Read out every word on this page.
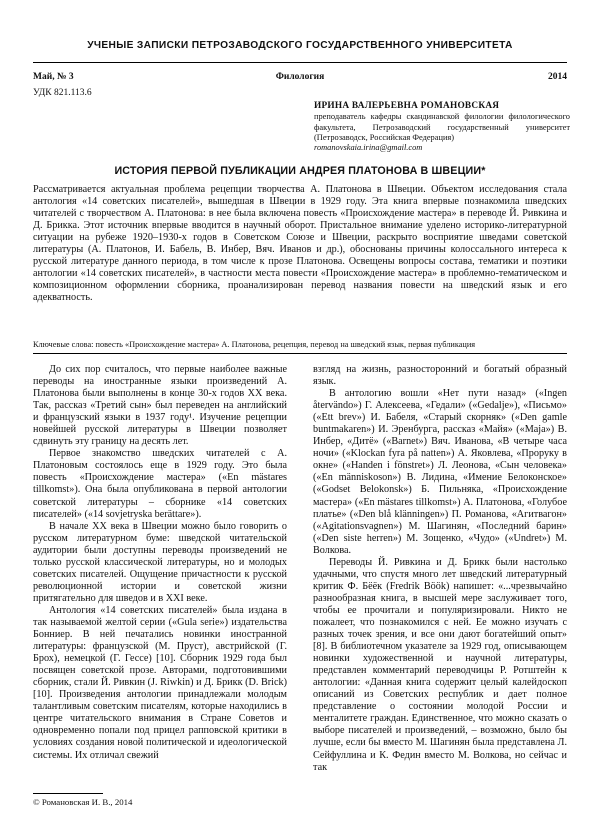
УЧЕНЫЕ ЗАПИСКИ ПЕТРОЗАВОДСКОГО ГОСУДАРСТВЕННОГО УНИВЕРСИТЕТА
Май, № 3	Филология	2014
УДК 821.113.6
ИРИНА ВАЛЕРЬЕВНА РОМАНОВСКАЯ
преподаватель кафедры скандинавской филологии филологического факультета, Петрозаводский государственный университет (Петрозаводск, Российская Федерация)
romanovskaia.irina@gmail.com
ИСТОРИЯ ПЕРВОЙ ПУБЛИКАЦИИ АНДРЕЯ ПЛАТОНОВА В ШВЕЦИИ*
Рассматривается актуальная проблема рецепции творчества А. Платонова в Швеции. Объектом исследования стала антология «14 советских писателей», вышедшая в Швеции в 1929 году. Эта книга впервые познакомила шведских читателей с творчеством А. Платонова: в нее была включена повесть «Происхождение мастера» в переводе Й. Ривкина и Д. Брикка. Этот источник впервые вводится в научный оборот. Пристальное внимание уделено историко-литературной ситуации на рубеже 1920–1930-х годов в Советском Союзе и Швеции, раскрыто восприятие шведами советской литературы (А. Платонов, И. Бабель, В. Инбер, Вяч. Иванов и др.), обоснованы причины колоссального интереса к русской литературе данного периода, в том числе к прозе Платонова. Освещены вопросы состава, тематики и поэтики антологии «14 советских писателей», в частности места повести «Происхождение мастера» в проблемно-тематическом и композиционном оформлении сборника, проанализирован перевод названия повести на шведский язык и его адекватность.
Ключевые слова: повесть «Происхождение мастера» А. Платонова, рецепция, перевод на шведский язык, первая публикация

До сих пор считалось, что первые наиболее важные переводы на иностранные языки произведений А. Платонова были выполнены в конце 30-х годов XX века. Так, рассказ «Третий сын» был переведен на английский и французский языки в 1937 году¹. Изучение рецепции новейшей русской литературы в Швеции позволяет сдвинуть эту границу на десять лет.

Первое знакомство шведских читателей с А. Платоновым состоялось еще в 1929 году. Это была повесть «Происхождение мастера» («En mästares tillkomst»). Она была опубликована в первой антологии советской литературы – сборнике «14 советских писателей» («14 sovjetryska berättare»).

В начале XX века в Швеции можно было говорить о русском литературном буме: шведской читательской аудитории были доступны переводы произведений не только русской классической литературы, но и молодых советских писателей. Ощущение причастности к русской революционной истории и советской жизни притягательно для шведов и в XXI веке.

Антология «14 советских писателей» была издана в так называемой желтой серии («Gula serie») издательства Бонниер. В ней печатались новинки иностранной литературы: французской (М. Пруст), австрийской (Г. Брох), немецкой (Г. Гессе) [10]. Сборник 1929 года был посвящен советской прозе. Авторами, подготовившими сборник, стали Й. Ривкин (J. Riwkin) и Д. Брикк (D. Brick) [10]. Произведения антологии принадлежали молодым талантливым советским писателям, которые находились в центре читательского внимания в Стране Советов и одновременно попали под прицел рапповской критики в условиях создания новой политической и идеологической системы. Их отличал свежий

взгляд на жизнь, разносторонний и богатый образный язык.

В антологию вошли «Нет пути назад» («Ingen återvändo») Г. Алексеева, «Гедали» («Gedalje»), «Письмо» («Ett brev») И. Бабеля, «Старый скорняк» («Den gamle buntmakaren») И. Эренбурга, рассказ «Майя» («Maja») В. Инбер, «Дитё» («Barnet») Вяч. Иванова, «В четыре часа ночи» («Klockan fyra på natten») А. Яковлева, «Проруку в окне» («Handen i fönstret») Л. Леонова, «Сын человека» («En människoson») В. Лидина, «Имение Белоконское» («Godset Belokonsk») Б. Пильняка, «Происхождение мастера» («En mästares tillkomst») А. Платонова, «Голубое платье» («Den blå klänningen») П. Романова, «Агитвагон» («Agitationsvagnen») М. Шагинян, «Последний барин» («Den siste herren») М. Зощенко, «Чудо» («Undret») М. Волкова.

Переводы Й. Ривкина и Д. Брикк были настолько удачными, что спустя много лет шведский литературный критик Ф. Бёёк (Fredrik Böök) напишет: «...чрезвычайно разнообразная книга, в высшей мере заслуживает того, чтобы ее прочитали и популяризировали. Никто не пожалеет, что познакомился с ней. Ее можно изучать с разных точек зрения, и все они дают богатейший опыт» [8]. В библиотечном указателе за 1929 год, описывающем новинки художественной и научной литературы, представлен комментарий переводчицы Р. Ротштейн к антологии: «Данная книга содержит целый калейдоскоп описаний из Советских республик и дает полное представление о состоянии молодой России и менталитете граждан. Единственное, что можно сказать о выборе писателей и произведений, – возможно, было бы лучше, если бы вместо М. Шагинян была представлена Л. Сейфуллина и К. Федин вместо М. Волкова, но сейчас и так

© Романовская И. В., 2014
